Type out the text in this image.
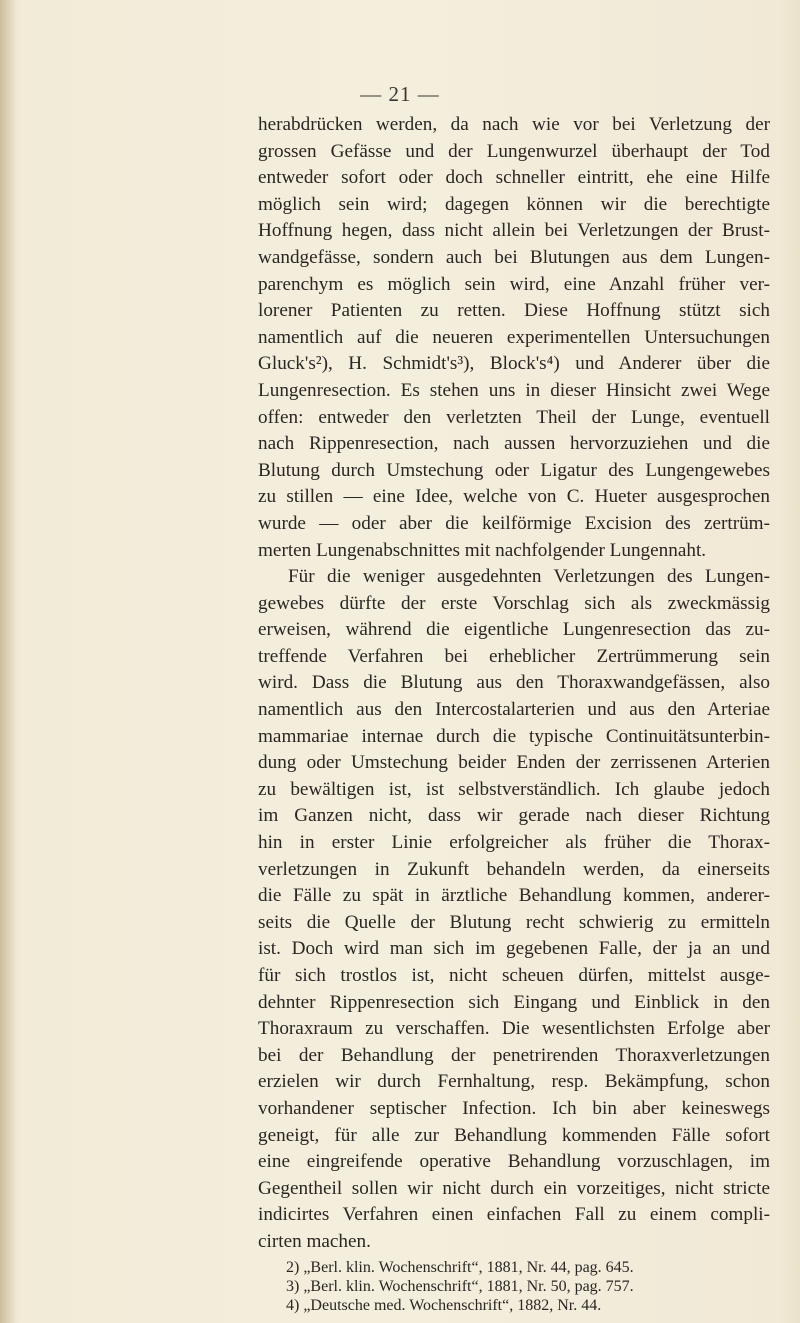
— 21 —
herabdrücken werden, da nach wie vor bei Verletzung der
grossen Gefässe und der Lungenwurzel überhaupt der Tod
entweder sofort oder doch schneller eintritt, ehe eine Hilfe
möglich sein wird; dagegen können wir die berechtigte
Hoffnung hegen, dass nicht allein bei Verletzungen der Brust-
wandgefässe, sondern auch bei Blutungen aus dem Lungen-
parenchym es möglich sein wird, eine Anzahl früher ver-
lorener Patienten zu retten. Diese Hoffnung stützt sich
namentlich auf die neueren experimentellen Untersuchungen
Gluck's²), H. Schmidt's³), Block's⁴) und Anderer über die
Lungenresection. Es stehen uns in dieser Hinsicht zwei Wege
offen: entweder den verletzten Theil der Lunge, eventuell
nach Rippenresection, nach aussen hervorzuziehen und die
Blutung durch Umstechung oder Ligatur des Lungengewebes
zu stillen — eine Idee, welche von C. Hueter ausgesprochen
wurde — oder aber die keilförmige Excision des zertrüm-
merten Lungenabschnittes mit nachfolgender Lungennaht.
Für die weniger ausgedehnten Verletzungen des Lungen-
gewebes dürfte der erste Vorschlag sich als zweckmässig
erweisen, während die eigentliche Lungenresection das zu-
treffende Verfahren bei erheblicher Zertrümmerung sein
wird. Dass die Blutung aus den Thoraxwandgefässen, also
namentlich aus den Intercostalarterien und aus den Arteriae
mammariae internae durch die typische Continuitätsunterbin-
dung oder Umstechung beider Enden der zerrissenen Arterien
zu bewältigen ist, ist selbstverständlich. Ich glaube jedoch
im Ganzen nicht, dass wir gerade nach dieser Richtung
hin in erster Linie erfolgreicher als früher die Thorax-
verletzungen in Zukunft behandeln werden, da einerseits
die Fälle zu spät in ärztliche Behandlung kommen, anderer-
seits die Quelle der Blutung recht schwierig zu ermitteln
ist. Doch wird man sich im gegebenen Falle, der ja an und
für sich trostlos ist, nicht scheuen dürfen, mittelst ausge-
dehnter Rippenresection sich Eingang und Einblick in den
Thoraxraum zu verschaffen. Die wesentlichsten Erfolge aber
bei der Behandlung der penetrirenden Thoraxverletzungen
erzielen wir durch Fernhaltung, resp. Bekämpfung, schon
vorhandener septischer Infection. Ich bin aber keineswegs
geneigt, für alle zur Behandlung kommenden Fälle sofort
eine eingreifende operative Behandlung vorzuschlagen, im
Gegentheil sollen wir nicht durch ein vorzeitiges, nicht stricte
indicirtes Verfahren einen einfachen Fall zu einem compli-
cirten machen.
2) „Berl. klin. Wochenschrift“, 1881, Nr. 44, pag. 645.
3) „Berl. klin. Wochenschrift“, 1881, Nr. 50, pag. 757.
4) „Deutsche med. Wochenschrift“, 1882, Nr. 44.
